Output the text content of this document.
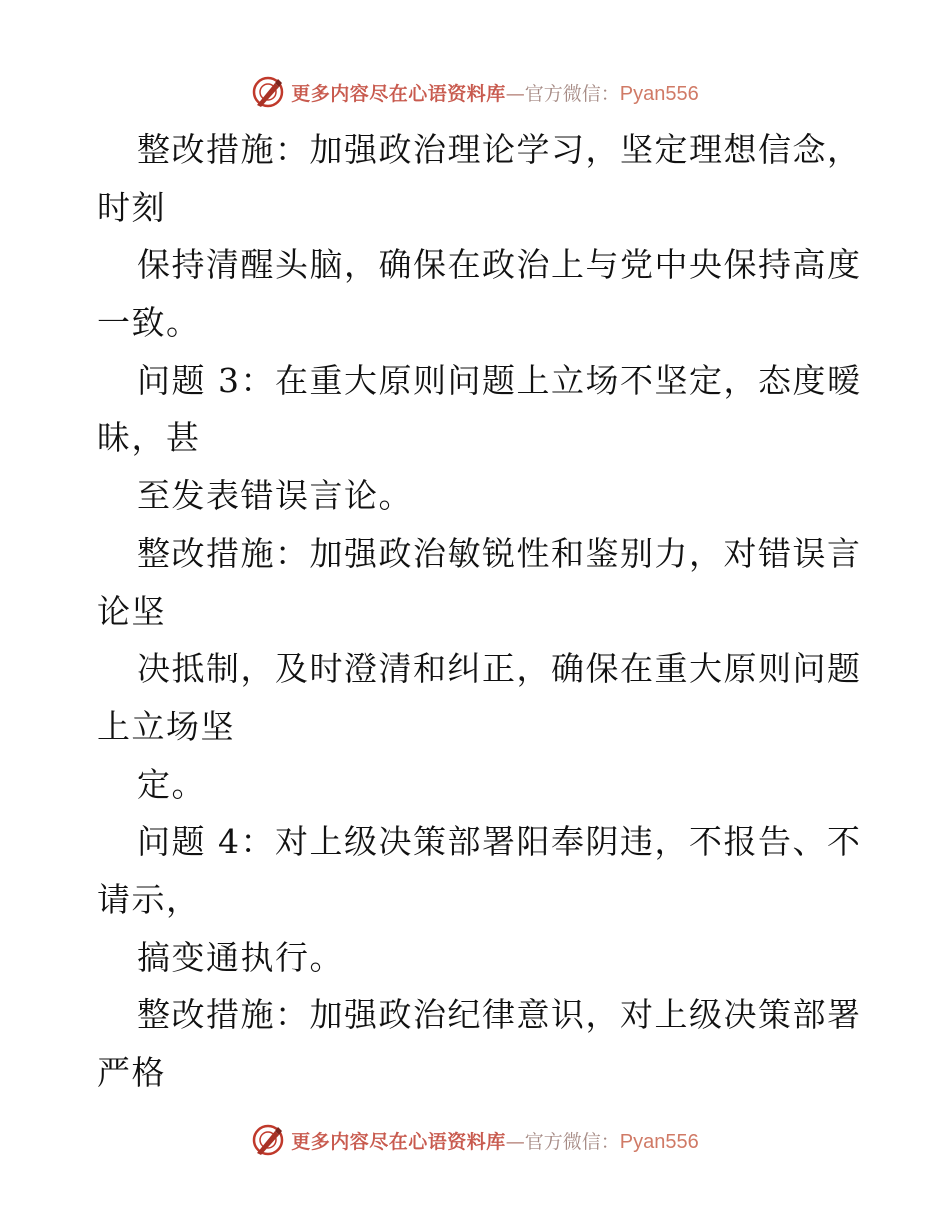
更多内容尽在心语资料库 — 官方微信： Pyan556
整改措施：加强政治理论学习，坚定理想信念，
时刻
保持清醒头脑，确保在政治上与党中央保持高度
一致。
问题 3：在重大原则问题上立场不坚定，态度暧
昧，甚
至发表错误言论。
整改措施：加强政治敏锐性和鉴别力，对错误言
论坚
决抵制，及时澄清和纠正，确保在重大原则问题
上立场坚
定。
问题 4：对上级决策部署阳奉阴违，不报告、不
请示，
搞变通执行。
整改措施：加强政治纪律意识，对上级决策部署
严格
更多内容尽在心语资料库 — 官方微信： Pyan556
